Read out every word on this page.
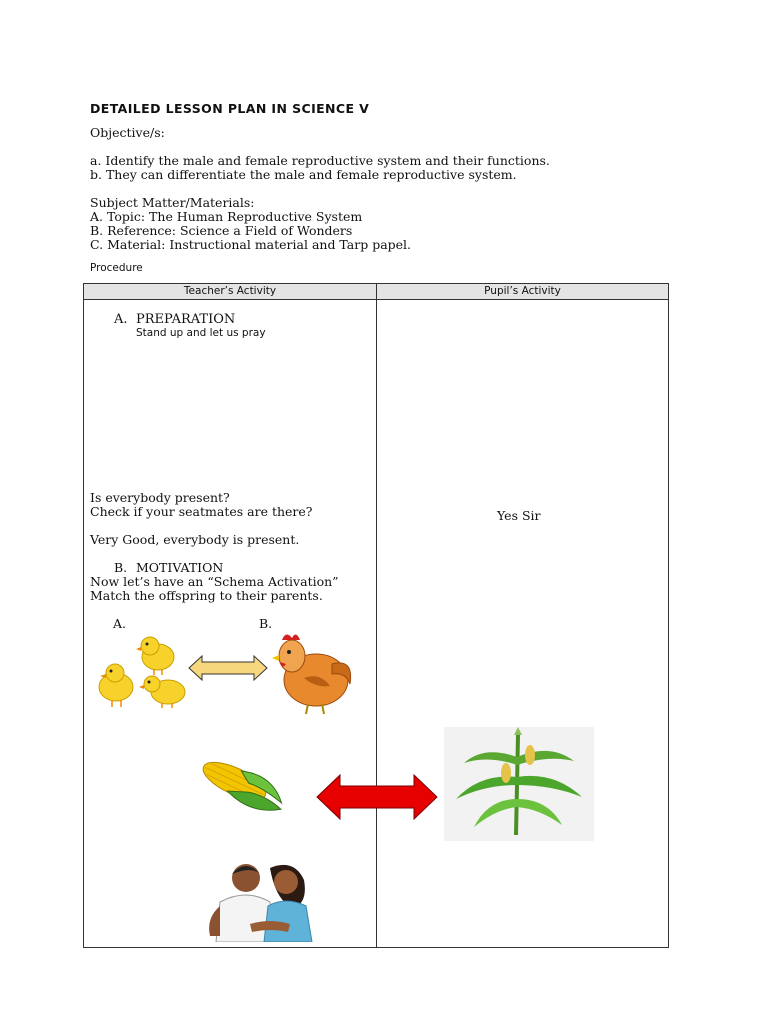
DETAILED LESSON PLAN IN SCIENCE V
Objective/s:
a. Identify the male and female reproductive system and their functions.
b. They can differentiate the male and female reproductive system.
Subject Matter/Materials:
A. Topic: The Human Reproductive System
B. Reference: Science a Field of Wonders
C. Material: Instructional material and Tarp papel.
Procedure
Teacher’s Activity	Pupil’s Activity
A. PREPARATION
Stand up and let us pray
Is everybody present?
Check if your seatmates are there?
Very Good, everybody is present.
B. MOTIVATION
Now let’s have an “Schema Activation”
Match the offspring to their parents.
A.	B.
Yes Sir
